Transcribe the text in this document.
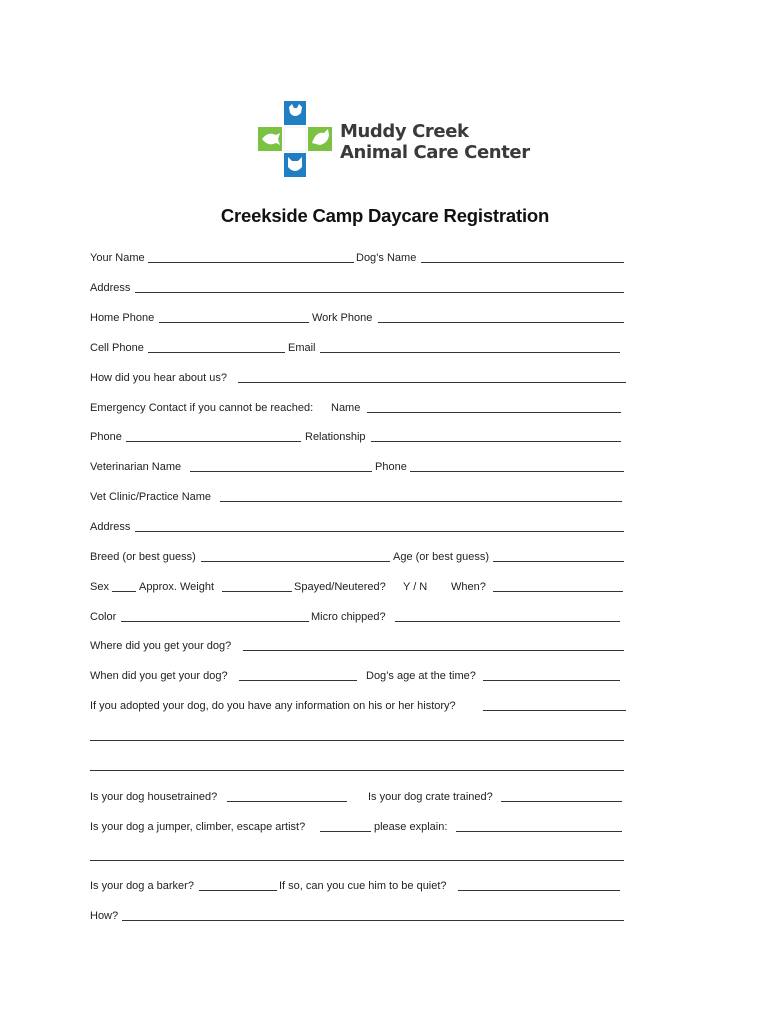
Muddy Creek
Animal Care Center
Creekside Camp Daycare Registration
Your Name	Dog’s Name
Address
Home Phone	Work Phone
Cell Phone	Email
How did you hear about us?
Emergency Contact if you cannot be reached: Name
Phone	Relationship
Veterinarian Name	Phone
Vet Clinic/Practice Name
Address
Breed (or best guess)	Age (or best guess)
Sex	Approx. Weight	Spayed/Neutered? Y / N When?
Color	Micro chipped?
Where did you get your dog?
When did you get your dog?	Dog’s age at the time?
If you adopted your dog, do you have any information on his or her history?
Is your dog housetrained?	Is your dog crate trained?
Is your dog a jumper, climber, escape artist?	please explain:
Is your dog a barker?	If so, can you cue him to be quiet?
How?
